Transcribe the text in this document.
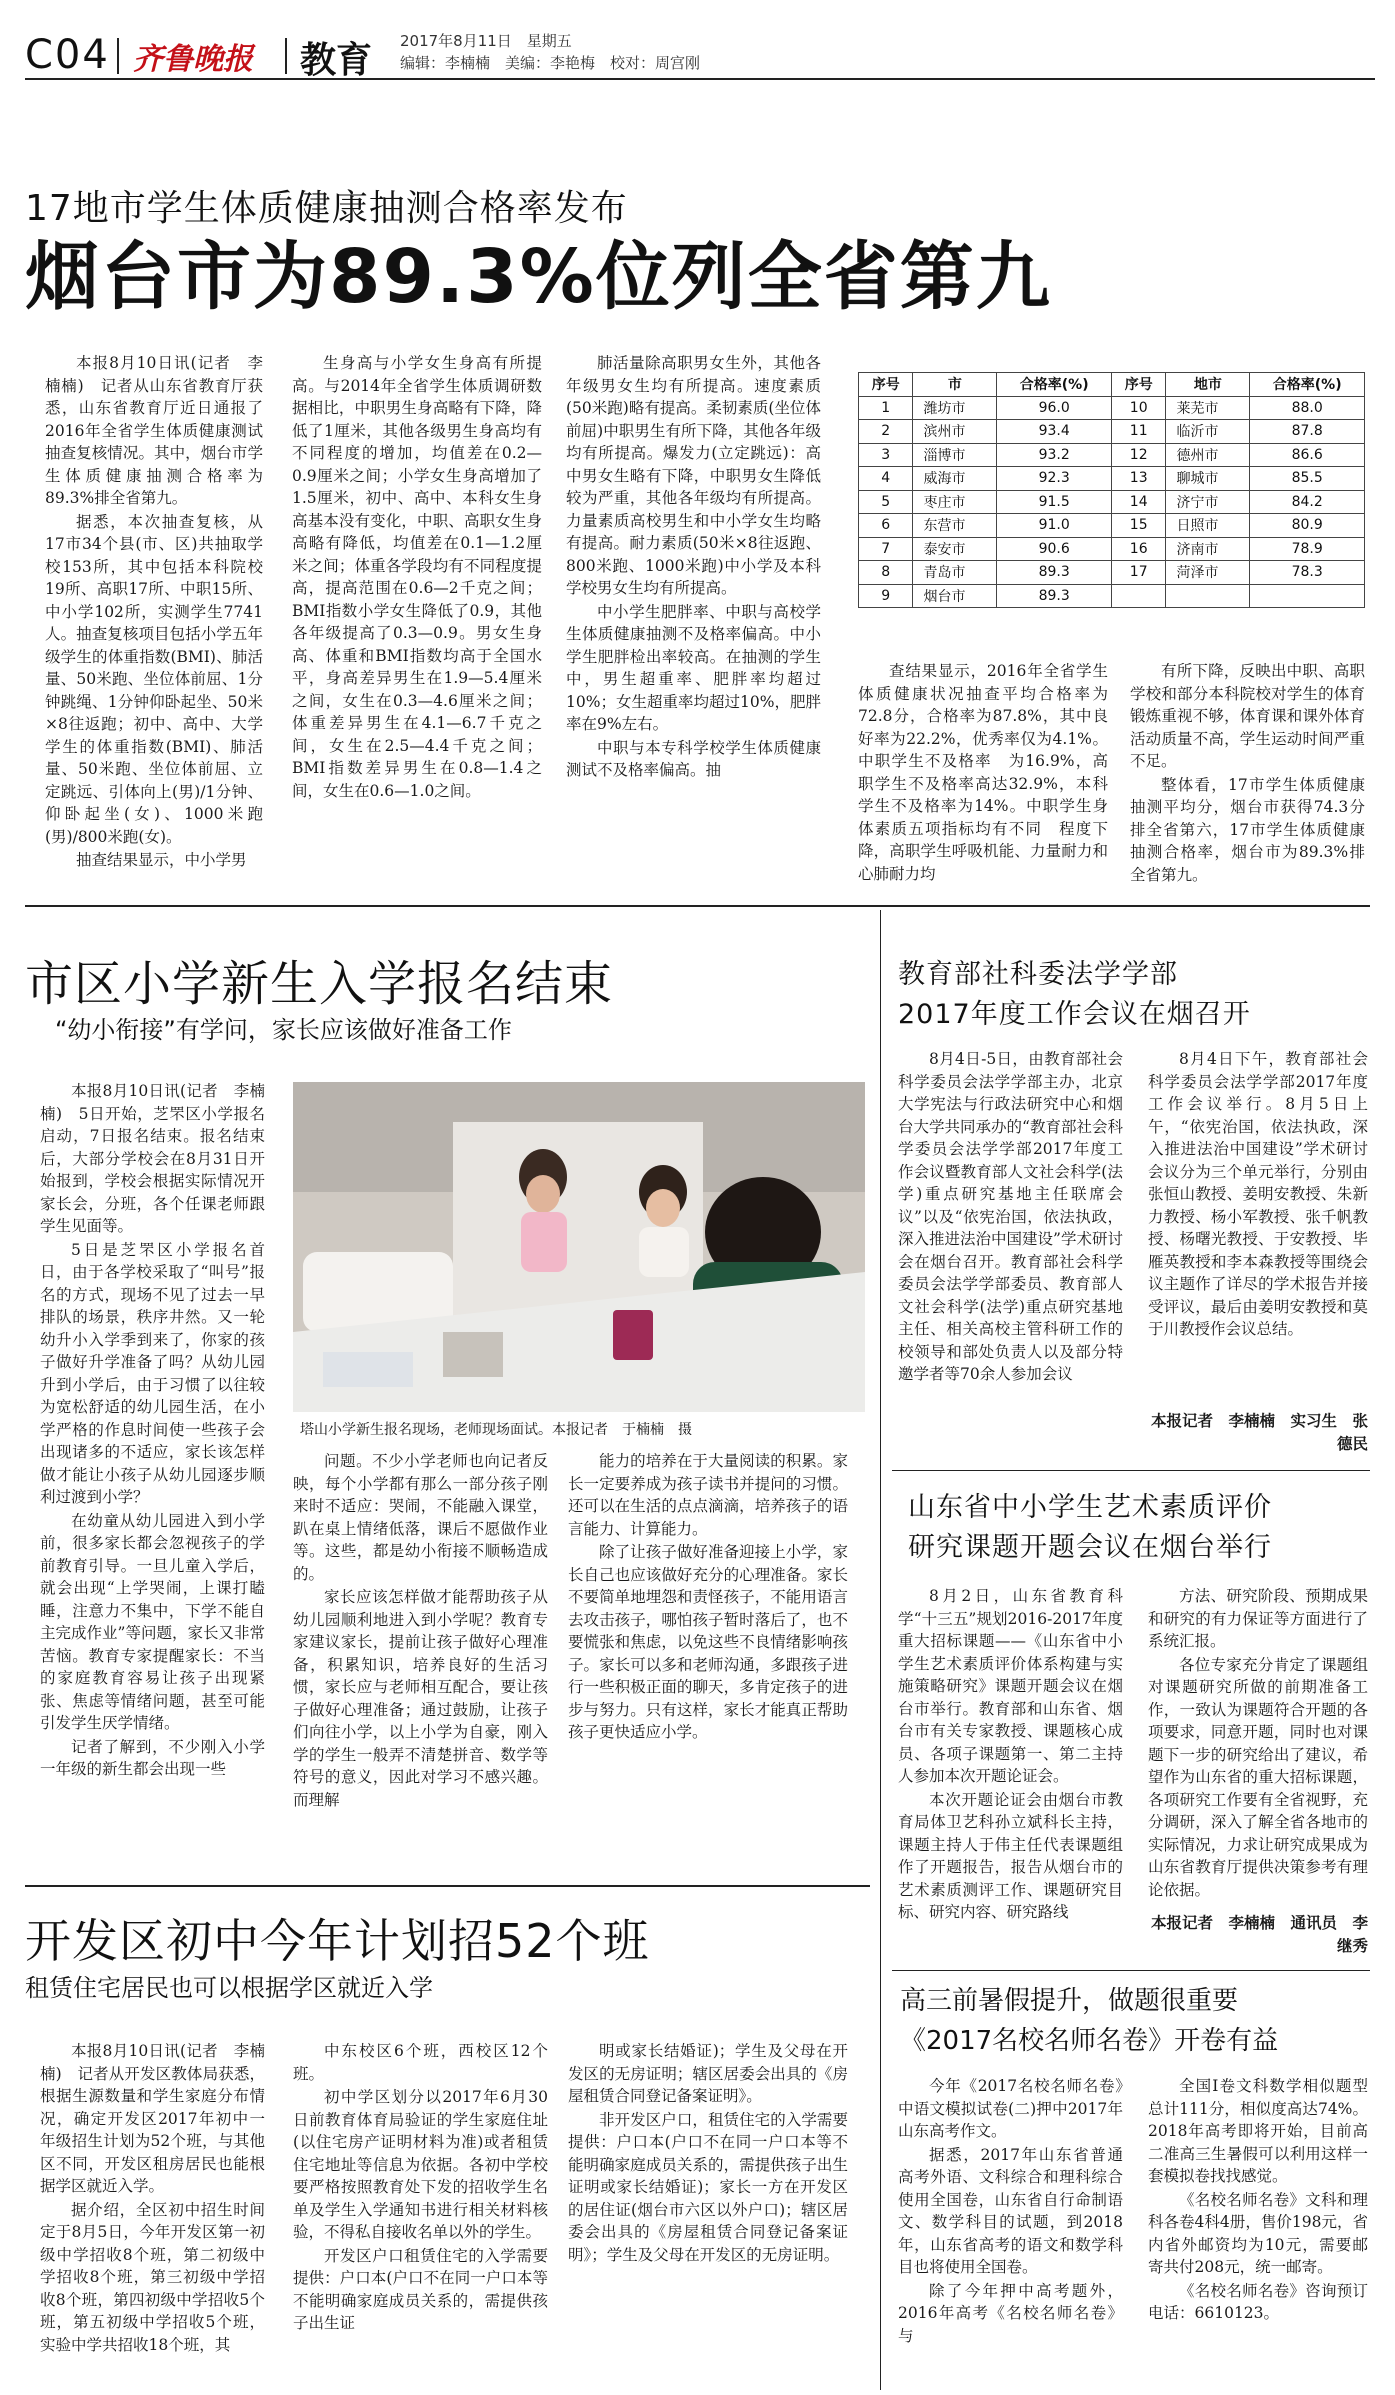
C04 齐鲁晚报 教育 2017年8月11日　星期五
编辑：李楠楠　美编：李艳梅　校对：周宫刚
17地市学生体质健康抽测合格率发布
烟台市为89.3%位列全省第九

本报8月10日讯(记者　李楠楠)　记者从山东省教育厅获悉，山东省教育厅近日通报了2016年全省学生体质健康测试抽查复核情况。其中，烟台市学生体质健康抽测合格率为89.3%排全省第九。

据悉，本次抽查复核，从17市34个县(市、区)共抽取学校153所，其中包括本科院校19所、高职17所、中职15所、中小学102所，实测学生7741人。抽查复核项目包括小学五年级学生的体重指数(BMI)、肺活量、50米跑、坐位体前屈、1分钟跳绳、1分钟仰卧起坐、50米×8往返跑；初中、高中、大学学生的体重指数(BMI)、肺活量、50米跑、坐位体前屈、立定跳远、引体向上(男)/1分钟、仰卧起坐(女)、1000米跑(男)/800米跑(女)。

抽查结果显示，中小学男

生身高与小学女生身高有所提高。与2014年全省学生体质调研数据相比，中职男生身高略有下降，降低了1厘米，其他各级男生身高均有不同程度的增加，均值差在0.2—0.9厘米之间；小学女生身高增加了1.5厘米，初中、高中、本科女生身高基本没有变化，中职、高职女生身高略有降低，均值差在0.1—1.2厘米之间；体重各学段均有不同程度提高，提高范围在0.6—2千克之间；BMI指数小学女生降低了0.9，其他各年级提高了0.3—0.9。男女生身高、体重和BMI指数均高于全国水平，身高差异男生在1.9—5.4厘米之间，女生在0.3—4.6厘米之间；体重差异男生在4.1—6.7千克之间，女生在2.5—4.4千克之间；BMI指数差异男生在0.8—1.4之间，女生在0.6—1.0之间。

肺活量除高职男女生外，其他各年级男女生均有所提高。速度素质(50米跑)略有提高。柔韧素质(坐位体前屈)中职男生有所下降，其他各年级均有所提高。爆发力(立定跳远)：高中男女生略有下降，中职男女生降低较为严重，其他各年级均有所提高。力量素质高校男生和中小学女生均略有提高。耐力素质(50米×8往返跑、800米跑、1000米跑)中小学及本科学校男女生均有所提高。

中小学生肥胖率、中职与高校学生体质健康抽测不及格率偏高。中小学生肥胖检出率较高。在抽测的学生中，男生超重率、肥胖率均超过10%；女生超重率均超过10%，肥胖率在9%左右。

中职与本专科学校学生体质健康测试不及格率偏高。抽

序号	市	合格率(%)	序号	地市	合格率(%)
1	潍坊市	96.0	10	莱芜市	88.0
2	滨州市	93.4	11	临沂市	87.8
3	淄博市	93.2	12	德州市	86.6
4	威海市	92.3	13	聊城市	85.5
5	枣庄市	91.5	14	济宁市	84.2
6	东营市	91.0	15	日照市	80.9
7	泰安市	90.6	16	济南市	78.9
8	青岛市	89.3	17	菏泽市	78.3
9	烟台市	89.3			

查结果显示，2016年全省学生体质健康状况抽查平均合格率为72.8分，合格率为87.8%，其中良好率为22.2%，优秀率仅为4.1%。中职学生不及格率　为16.9%，高职学生不及格率高达32.9%，本科学生不及格率为14%。中职学生身体素质五项指标均有不同　程度下降，高职学生呼吸机能、力量耐力和心肺耐力均

有所下降，反映出中职、高职学校和部分本科院校对学生的体育锻炼重视不够，体育课和课外体育活动质量不高，学生运动时间严重不足。

整体看，17市学生体质健康抽测平均分，烟台市获得74.3分排全省第六，17市学生体质健康抽测合格率，烟台市为89.3%排全省第九。

市区小学新生入学报名结束
“幼小衔接”有学问，家长应该做好准备工作

本报8月10日讯(记者　李楠楠)　5日开始，芝罘区小学报名启动，7日报名结束。报名结束后，大部分学校会在8月31日开始报到，学校会根据实际情况开家长会，分班，各个任课老师跟学生见面等。

5日是芝罘区小学报名首日，由于各学校采取了“叫号”报名的方式，现场不见了过去一早排队的场景，秩序井然。又一轮幼升小入学季到来了，你家的孩子做好升学准备了吗？从幼儿园升到小学后，由于习惯了以往较为宽松舒适的幼儿园生活，在小学严格的作息时间使一些孩子会出现诸多的不适应，家长该怎样做才能让小孩子从幼儿园逐步顺利过渡到小学？

在幼童从幼儿园进入到小学前，很多家长都会忽视孩子的学前教育引导。一旦儿童入学后，就会出现“上学哭闹，上课打瞌睡，注意力不集中，下学不能自主完成作业”等问题，家长又非常苦恼。教育专家提醒家长：不当的家庭教育容易让孩子出现紧张、焦虑等情绪问题，甚至可能引发学生厌学情绪。

记者了解到，不少刚入小学一年级的新生都会出现一些

塔山小学新生报名现场，老师现场面试。本报记者　于楠楠　摄

问题。不少小学老师也向记者反映，每个小学都有那么一部分孩子刚来时不适应：哭闹，不能融入课堂，趴在桌上情绪低落，课后不愿做作业等。这些，都是幼小衔接不顺畅造成的。

家长应该怎样做才能帮助孩子从幼儿园顺利地进入到小学呢？教育专家建议家长，提前让孩子做好心理准备，积累知识，培养良好的生活习惯，家长应与老师相互配合，要让孩子做好心理准备；通过鼓励，让孩子们向往小学，以上小学为自豪，刚入学的学生一般弄不清楚拼音、数学等符号的意义，因此对学习不感兴趣。而理解

能力的培养在于大量阅读的积累。家长一定要养成为孩子读书并提问的习惯。还可以在生活的点点滴滴，培养孩子的语言能力、计算能力。

除了让孩子做好准备迎接上小学，家长自己也应该做好充分的心理准备。家长不要简单地埋怨和责怪孩子，不能用语言去攻击孩子，哪怕孩子暂时落后了，也不要慌张和焦虑，以免这些不良情绪影响孩子。家长可以多和老师沟通，多跟孩子进行一些积极正面的聊天，多肯定孩子的进步与努力。只有这样，家长才能真正帮助孩子更快适应小学。

开发区初中今年计划招52个班
租赁住宅居民也可以根据学区就近入学

本报8月10日讯(记者　李楠楠)　记者从开发区教体局获悉，根据生源数量和学生家庭分布情况，确定开发区2017年初中一年级招生计划为52个班，与其他区不同，开发区租房居民也能根据学区就近入学。

据介绍，全区初中招生时间定于8月5日，今年开发区第一初级中学招收8个班，第二初级中学招收8个班，第三初级中学招收8个班，第四初级中学招收5个班，第五初级中学招收5个班，实验中学共招收18个班，其

中东校区6个班，西校区12个班。

初中学区划分以2017年6月30日前教育体育局验证的学生家庭住址(以住宅房产证明材料为准)或者租赁住宅地址等信息为依据。各初中学校要严格按照教育处下发的招收学生名单及学生入学通知书进行相关材料核验，不得私自接收名单以外的学生。

开发区户口租赁住宅的入学需要提供：户口本(户口不在同一户口本等不能明确家庭成员关系的，需提供孩子出生证

明或家长结婚证)；学生及父母在开发区的无房证明；辖区居委会出具的《房屋租赁合同登记备案证明》。

非开发区户口，租赁住宅的入学需要提供：户口本(户口不在同一户口本等不能明确家庭成员关系的，需提供孩子出生证明或家长结婚证)；家长一方在开发区的居住证(烟台市六区以外户口)；辖区居委会出具的《房屋租赁合同登记备案证明》；学生及父母在开发区的无房证明。

教育部社科委法学学部
2017年度工作会议在烟召开

8月4日-5日，由教育部社会科学委员会法学学部主办，北京大学宪法与行政法研究中心和烟台大学共同承办的“教育部社会科学委员会法学学部2017年度工作会议暨教育部人文社会科学(法学)重点研究基地主任联席会议”以及“依宪治国，依法执政，深入推进法治中国建设”学术研讨会在烟台召开。教育部社会科学委员会法学学部委员、教育部人文社会科学(法学)重点研究基地主任、相关高校主管科研工作的校领导和部处负责人以及部分特邀学者等70余人参加会议

8月4日下午，教育部社会科学委员会法学学部2017年度工作会议举行。8月5日上午，“依宪治国，依法执政，深入推进法治中国建设”学术研讨会议分为三个单元举行，分别由张恒山教授、姜明安教授、朱新力教授、杨小军教授、张千帆教授、杨曙光教授、于安教授、毕雁英教授和李本森教授等围绕会议主题作了详尽的学术报告并接受评议，最后由姜明安教授和莫于川教授作会议总结。

本报记者　李楠楠　实习生　张德民
山东省中小学生艺术素质评价
研究课题开题会议在烟台举行

8月2日，山东省教育科学“十三五”规划2016-2017年度重大招标课题——《山东省中小学生艺术素质评价体系构建与实施策略研究》课题开题会议在烟台市举行。教育部和山东省、烟台市有关专家教授、课题核心成员、各项子课题第一、第二主持人参加本次开题论证会。

本次开题论证会由烟台市教育局体卫艺科孙立斌科长主持，课题主持人于伟主任代表课题组作了开题报告，报告从烟台市的艺术素质测评工作、课题研究目标、研究内容、研究路线

方法、研究阶段、预期成果和研究的有力保证等方面进行了系统汇报。

各位专家充分肯定了课题组对课题研究所做的前期准备工作，一致认为课题符合开题的各项要求，同意开题，同时也对课题下一步的研究给出了建议，希望作为山东省的重大招标课题，各项研究工作要有全省视野，充分调研，深入了解全省各地市的实际情况，力求让研究成果成为山东省教育厅提供决策参考有理论依据。

本报记者　李楠楠　通讯员　李继秀
高三前暑假提升，做题很重要
《2017名校名师名卷》开卷有益

今年《2017名校名师名卷》中语文模拟试卷(二)押中2017年山东高考作文。

据悉，2017年山东省普通高考外语、文科综合和理科综合使用全国卷，山东省自行命制语文、数学科目的试题，到2018年，山东省高考的语文和数学科目也将使用全国卷。

除了今年押中高考题外，2016年高考《名校名师名卷》与

全国Ⅰ卷文科数学相似题型总计111分，相似度高达74%。2018年高考即将开始，目前高二准高三生暑假可以利用这样一套模拟卷找找感觉。

《名校名师名卷》文科和理科各卷4科4册，售价198元，省内省外邮资均为10元，需要邮寄共付208元，统一邮寄。

《名校名师名卷》咨询预订电话：6610123。
